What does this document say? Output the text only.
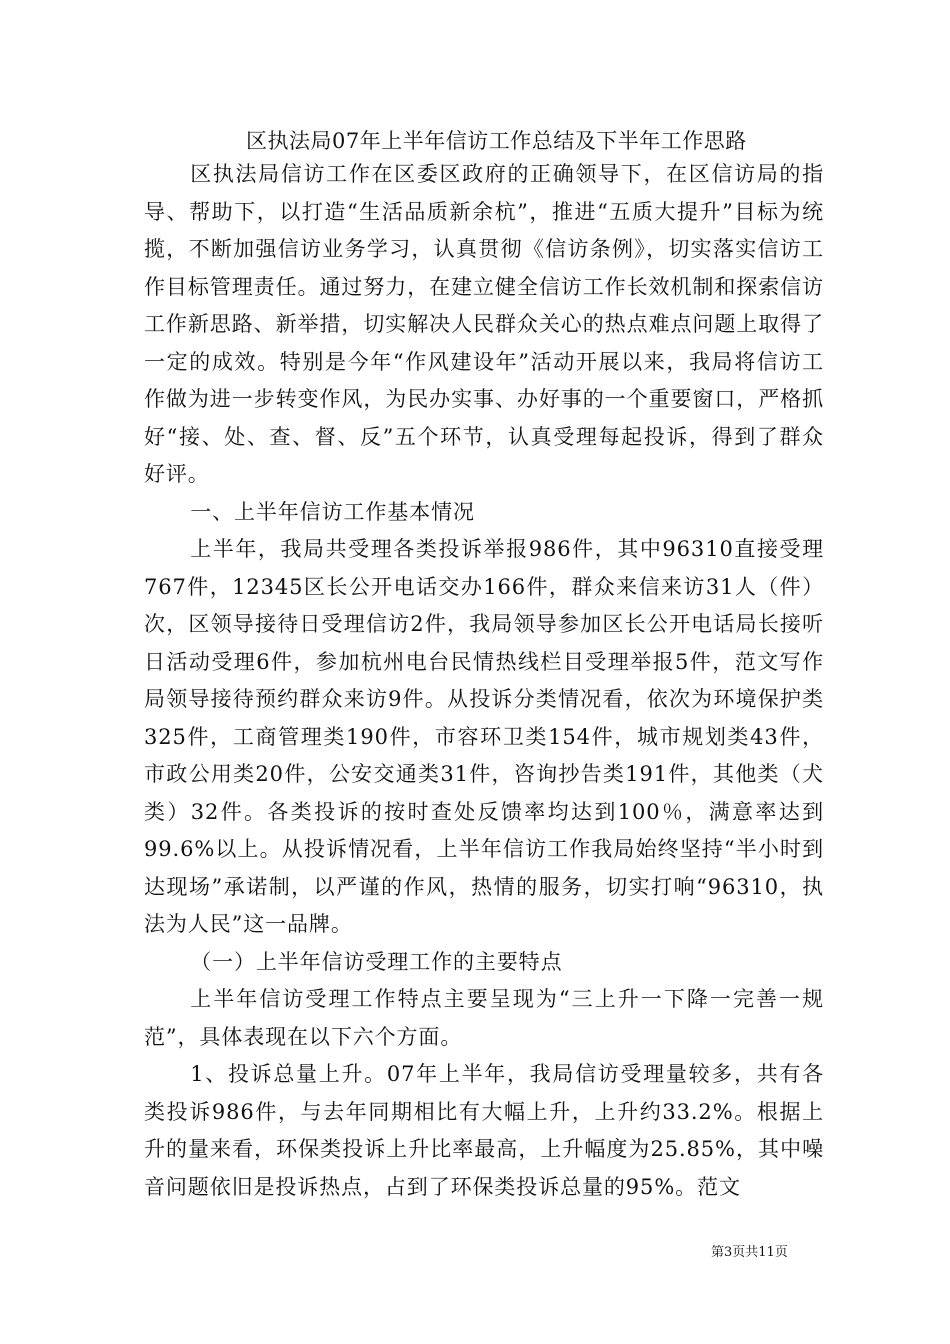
区执法局07年上半年信访工作总结及下半年工作思路

区执法局信访工作在区委区政府的正确领导下，在区信访局的指导、帮助下，以打造“生活品质新余杭”，推进“五质大提升”目标为统揽，不断加强信访业务学习，认真贯彻《信访条例》，切实落实信访工作目标管理责任。通过努力，在建立健全信访工作长效机制和探索信访工作新思路、新举措，切实解决人民群众关心的热点难点问题上取得了一定的成效。特别是今年“作风建设年”活动开展以来，我局将信访工作做为进一步转变作风，为民办实事、办好事的一个重要窗口，严格抓好“接、处、查、督、反”五个环节，认真受理每起投诉，得到了群众好评。

一、上半年信访工作基本情况

上半年，我局共受理各类投诉举报986件，其中96310直接受理767件，12345区长公开电话交办166件，群众来信来访31人（件）次，区领导接待日受理信访2件，我局领导参加区长公开电话局长接听日活动受理6件，参加杭州电台民情热线栏目受理举报5件，范文写作局领导接待预约群众来访9件。从投诉分类情况看，依次为环境保护类325件，工商管理类190件，市容环卫类154件，城市规划类43件，市政公用类20件，公安交通类31件，咨询抄告类191件，其他类（犬类）32件。各类投诉的按时查处反馈率均达到100％，满意率达到99.6%以上。从投诉情况看，上半年信访工作我局始终坚持“半小时到达现场”承诺制，以严谨的作风，热情的服务，切实打响“96310，执法为人民”这一品牌。

（一）上半年信访受理工作的主要特点

上半年信访受理工作特点主要呈现为“三上升一下降一完善一规范”，具体表现在以下六个方面。

1、投诉总量上升。07年上半年，我局信访受理量较多，共有各类投诉986件，与去年同期相比有大幅上升，上升约33.2%。根据上升的量来看，环保类投诉上升比率最高，上升幅度为25.85%，其中噪音问题依旧是投诉热点，占到了环保类投诉总量的95%。范文

第3页共11页
